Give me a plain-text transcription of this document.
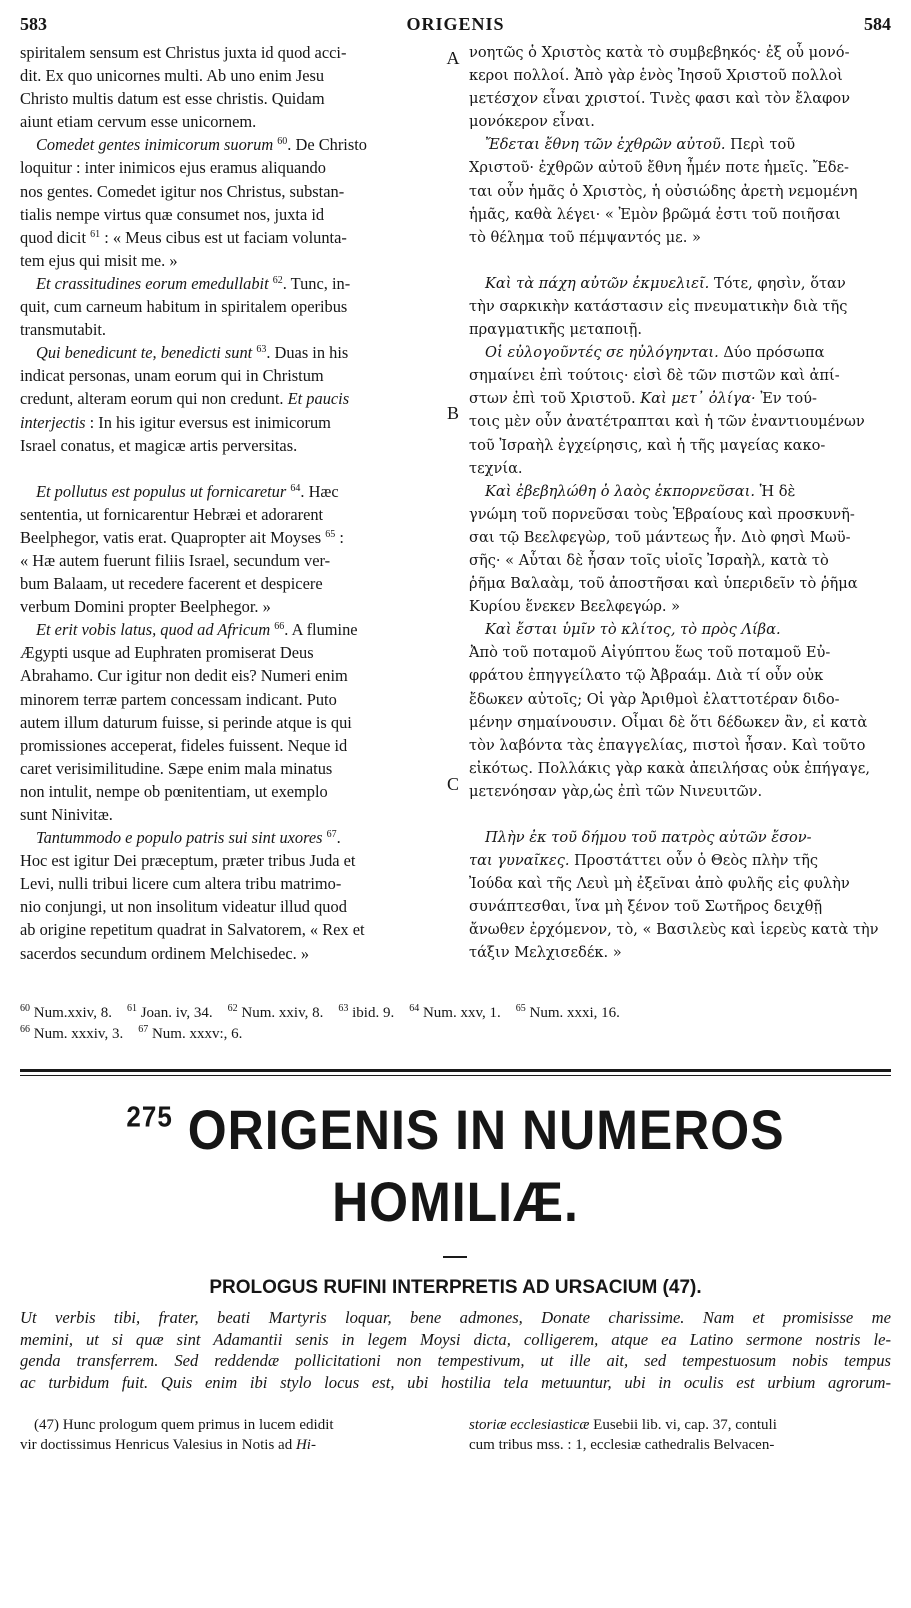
ORIGENIS
583	584
A
B
C
spiritalem sensum est Christus juxta id quod acci-
dit. Ex quo unicornes multi. Ab uno enim Jesu
Christo multis datum est esse christis. Quidam
aiunt etiam cervum esse unicornem.
Comedet gentes inimicorum suorum $^{60}$. De Christo
loquitur : inter inimicos ejus eramus aliquando
nos gentes. Comedet igitur nos Christus, substan-
tialis nempe virtus quæ consumet nos, juxta id
quod dicit $^{61}$ : « Meus cibus est ut faciam volunta-
tem ejus qui misit me. »
Et crassitudines eorum emedullabit $^{62}$. Tunc, in-
quit, cum carneum habitum in spiritalem operibus
transmutabit.
Qui benedicunt te, benedicti sunt $^{63}$. Duas in his
indicat personas, unam eorum qui in Christum
credunt, alteram eorum qui non credunt. Et paucis
interjectis : In his igitur eversus est inimicorum
Israel conatus, et magicæ artis perversitas.
Et pollutus est populus ut fornicaretur $^{64}$. Hæc
sententia, ut fornicarentur Hebræi et adorarent
Beelphegor, vatis erat. Quapropter ait Moyses $^{65}$ :
« Hæ autem fuerunt filiis Israel, secundum ver-
bum Balaam, ut recedere facerent et despicere
verbum Domini propter Beelphegor. »
Et erit vobis latus, quod ad Africum $^{66}$. A flumine
Ægypti usque ad Euphraten promiserat Deus
Abrahamo. Cur igitur non dedit eis? Numeri enim
minorem terræ partem concessam indicant. Puto
autem illum daturum fuisse, si perinde atque is qui
promissiones acceperat, fideles fuissent. Neque id
caret verisimilitudine. Sæpe enim mala minatus
non intulit, nempe ob pœnitentiam, ut exemplo
sunt Ninivitæ.
Tantummodo e populo patris sui sint uxores $^{67}$.
Hoc est igitur Dei præceptum, præter tribus Juda et
Levi, nulli tribui licere cum altera tribu matrimo-
nio conjungi, ut non insolitum videatur illud quod
ab origine repetitum quadrat in Salvatorem, « Rex et
sacerdos secundum ordinem Melchisedec. »
νοητῶς ὁ Χριστὸς κατὰ τὸ συμβεβηκός· ἐξ οὗ μονό-
κεροι πολλοί. Ἀπὸ γὰρ ἑνὸς Ἰησοῦ Χριστοῦ πολλοὶ
μετέσχον εἶναι χριστοί. Τινὲς φασι καὶ τὸν ἔλαφον
μονόκερον εἶναι.
Ἔδεται ἔθνη τῶν ἐχθρῶν αὐτοῦ. Περὶ τοῦ
Χριστοῦ· ἐχθρῶν αὐτοῦ ἔθνη ἦμέν ποτε ἡμεῖς. Ἔδε-
ται οὖν ἡμᾶς ὁ Χριστὸς, ἡ οὐσιώδης ἀρετὴ νεμομένη
ἡμᾶς, καθὰ λέγει· « Ἐμὸν βρῶμά ἐστι τοῦ ποιῆσαι
τὸ θέλημα τοῦ πέμψαντός με. »
Καὶ τὰ πάχη αὐτῶν ἐκμυελιεῖ. Τότε, φησὶν, ὅταν
τὴν σαρκικὴν κατάστασιν εἰς πνευματικὴν διὰ τῆς
πραγματικῆς μεταποιῇ.
Οἱ εὐλογοῦντές σε ηὐλόγηνται. Δύο πρόσωπα
σημαίνει ἐπὶ τούτοις· εἰσὶ δὲ τῶν πιστῶν καὶ ἀπί-
στων ἐπὶ τοῦ Χριστοῦ. Καὶ μετ᾽ ὀλίγα· Ἐν τού-
τοις μὲν οὖν ἀνατέτραπται καὶ ἡ τῶν ἐναντιουμένων
τοῦ Ἰσραὴλ ἐγχείρησις, καὶ ἡ τῆς μαγείας κακο-
τεχνία.
Καὶ ἐβεβηλώθη ὁ λαὸς ἐκπορνεῦσαι. Ἡ δὲ
γνώμη τοῦ πορνεῦσαι τοὺς Ἑβραίους καὶ προσκυνῆ-
σαι τῷ Βεελφεγὼρ, τοῦ μάντεως ἦν. Διὸ φησὶ Μωϋ-
σῆς· « Αὗται δὲ ἦσαν τοῖς υἱοῖς Ἰσραὴλ, κατὰ τὸ
ῥῆμα Βαλαὰμ, τοῦ ἀποστῆσαι καὶ ὑπεριδεῖν τὸ ῥῆμα
Κυρίου ἕνεκεν Βεελφεγώρ. »
Καὶ ἔσται ὑμῖν τὸ κλίτος, τὸ πρὸς Λίβα.
Ἀπὸ τοῦ ποταμοῦ Αἰγύπτου ἕως τοῦ ποταμοῦ Εὐ-
φράτου ἐπηγγείλατο τῷ Ἀβραάμ. Διὰ τί οὖν οὐκ
ἔδωκεν αὐτοῖς; Οἱ γὰρ Ἀριθμοὶ ἐλαττοτέραν διδο-
μένην σημαίνουσιν. Οἶμαι δὲ ὅτι δέδωκεν ἂν, εἰ κατὰ
τὸν λαβόντα τὰς ἐπαγγελίας, πιστοὶ ἦσαν. Καὶ τοῦτο
εἰκότως. Πολλάκις γὰρ κακὰ ἀπειλήσας οὐκ ἐπήγαγε,
μετενόησαν γὰρ,ὡς ἐπὶ τῶν Νινευιτῶν.
Πλὴν ἐκ τοῦ δήμου τοῦ πατρὸς αὐτῶν ἔσον-
ται γυναῖκες. Προστάττει οὖν ὁ Θεὸς πλὴν τῆς
Ἰούδα καὶ τῆς Λευὶ μὴ ἐξεῖναι ἀπὸ φυλῆς εἰς φυλὴν
συνάπτεσθαι, ἵνα μὴ ξένον τοῦ Σωτῆρος δειχθῇ
ἄνωθεν ἐρχόμενον, τὸ, « Βασιλεὺς καὶ ἱερεὺς κατὰ τὴν
τάξιν Μελχισεδέκ. »
$^{60}$ Num.xxiv, 8. $^{61}$ Joan. iv, 34. $^{62}$ Num. xxiv, 8. $^{63}$ ibid. 9. $^{64}$ Num. xxv, 1. $^{65}$ Num. xxxi, 16.
$^{66}$ Num. xxxiv, 3. $^{67}$ Num. xxxv:, 6.
$^{275}$ ORIGENIS IN NUMEROS
HOMILIÆ.
PROLOGUS RUFINI INTERPRETIS AD URSACIUM (47).
Ut verbis tibi, frater, beati Martyris loquar, bene admones, Donate charissime. Nam et promisisse me
memini, ut si quæ sint Adamantii senis in legem Moysi dicta, colligerem, atque ea Latino sermone nostris le-
genda transferrem. Sed reddendæ pollicitationi non tempestivum, ut ille ait, sed tempestuosum nobis tempus
ac turbidum fuit. Quis enim ibi stylo locus est, ubi hostilia tela metuuntur, ubi in oculis est urbium agrorum-
(47) Hunc prologum quem primus in lucem edidit
vir doctissimus Henricus Valesius in Notis ad Hi-
storiæ ecclesiasticæ Eusebii lib. vi, cap. 37, contuli
cum tribus mss. : 1, ecclesiæ cathedralis Belvacen-
